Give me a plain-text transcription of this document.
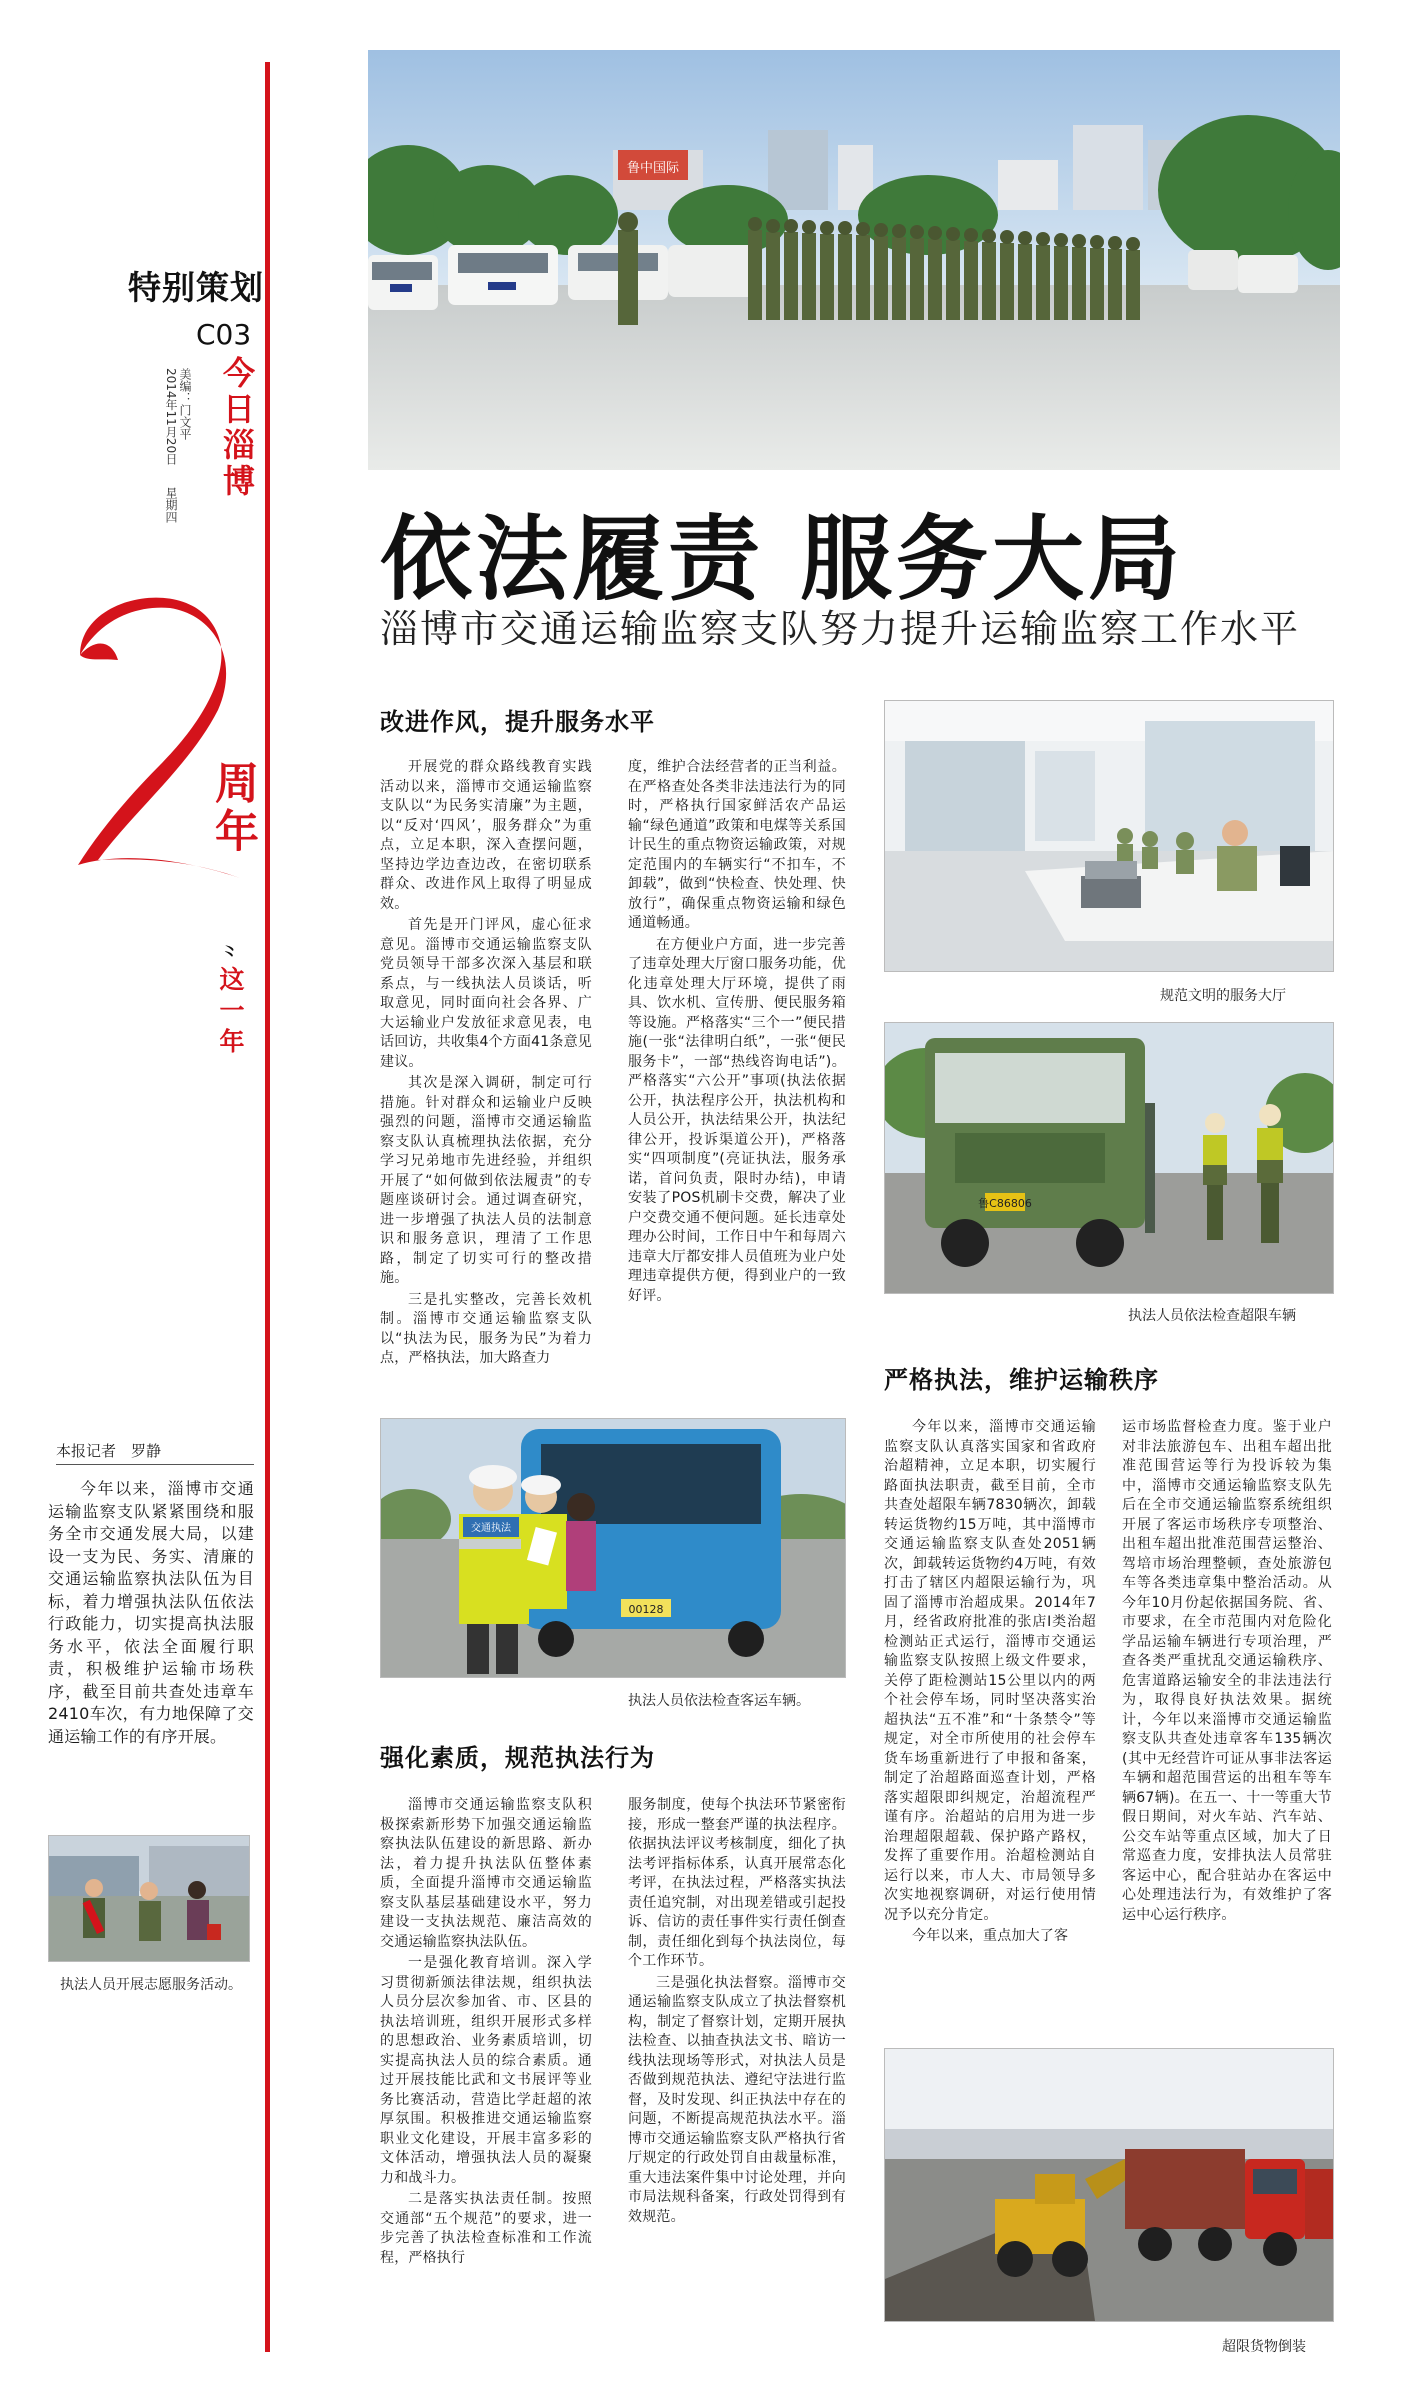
特别策划
C03
美编：门文平
2014年11月20日  星期四
今日淄博
周年
这一年
⺀
本报记者　罗静

今年以来，淄博市交通运输监察支队紧紧围绕和服务全市交通发展大局，以建设一支为民、务实、清廉的交通运输监察执法队伍为目标，着力增强执法队伍依法行政能力，切实提高执法服务水平，依法全面履行职责，积极维护运输市场秩序，截至目前共查处违章车2410车次，有力地保障了交通运输工作的有序开展。

执法人员开展志愿服务活动。
鲁中国际
依法履责 服务大局
淄博市交通运输监察支队努力提升运输监察工作水平
改进作风，提升服务水平

开展党的群众路线教育实践活动以来，淄博市交通运输监察支队以“为民务实清廉”为主题，以“反对‘四风’，服务群众”为重点，立足本职，深入查摆问题，坚持边学边查边改，在密切联系群众、改进作风上取得了明显成效。

首先是开门评风，虚心征求意见。淄博市交通运输监察支队党员领导干部多次深入基层和联系点，与一线执法人员谈话，听取意见，同时面向社会各界、广大运输业户发放征求意见表，电话回访，共收集4个方面41条意见建议。

其次是深入调研，制定可行措施。针对群众和运输业户反映强烈的问题，淄博市交通运输监察支队认真梳理执法依据，充分学习兄弟地市先进经验，并组织开展了“如何做到依法履责”的专题座谈研讨会。通过调查研究，进一步增强了执法人员的法制意识和服务意识，理清了工作思路，制定了切实可行的整改措施。

三是扎实整改，完善长效机制。淄博市交通运输监察支队以“执法为民，服务为民”为着力点，严格执法，加大路查力

度，维护合法经营者的正当利益。在严格查处各类非法违法行为的同时，严格执行国家鲜活农产品运输“绿色通道”政策和电煤等关系国计民生的重点物资运输政策，对规定范围内的车辆实行“不扣车，不卸载”，做到“快检查、快处理、快放行”，确保重点物资运输和绿色通道畅通。

在方便业户方面，进一步完善了违章处理大厅窗口服务功能，优化违章处理大厅环境，提供了雨具、饮水机、宣传册、便民服务箱等设施。严格落实“三个一”便民措施(一张“法律明白纸”，一张“便民服务卡”，一部“热线咨询电话”)。严格落实“六公开”事项(执法依据公开，执法程序公开，执法机构和人员公开，执法结果公开，执法纪律公开，投诉渠道公开)，严格落实“四项制度”(亮证执法，服务承诺，首问负责，限时办结)，申请安装了POS机刷卡交费，解决了业户交费交通不便问题。延长违章处理办公时间，工作日中午和每周六违章大厅都安排人员值班为业户处理违章提供方便，得到业户的一致好评。

规范文明的服务大厅
鲁C86806
执法人员依法检查超限车辆
严格执法，维护运输秩序

今年以来，淄博市交通运输监察支队认真落实国家和省政府治超精神，立足本职，切实履行路面执法职责，截至目前，全市共查处超限车辆7830辆次，卸载转运货物约15万吨，其中淄博市交通运输监察支队查处2051辆次，卸载转运货物约4万吨，有效打击了辖区内超限运输行为，巩固了淄博市治超成果。2014年7月，经省政府批准的张店I类治超检测站正式运行，淄博市交通运输监察支队按照上级文件要求，关停了距检测站15公里以内的两个社会停车场，同时坚决落实治超执法“五不准”和“十条禁令”等规定，对全市所使用的社会停车货车场重新进行了申报和备案，制定了治超路面巡查计划，严格落实超限即纠规定，治超流程严谨有序。治超站的启用为进一步治理超限超载、保护路产路权，发挥了重要作用。治超检测站自运行以来，市人大、市局领导多次实地视察调研，对运行使用情况予以充分肯定。

今年以来，重点加大了客

运市场监督检查力度。鉴于业户对非法旅游包车、出租车超出批准范围营运等行为投诉较为集中，淄博市交通运输监察支队先后在全市交通运输监察系统组织开展了客运市场秩序专项整治、出租车超出批准范围营运整治、驾培市场治理整顿，查处旅游包车等各类违章集中整治活动。从今年10月份起依据国务院、省、市要求，在全市范围内对危险化学品运输车辆进行专项治理，严查各类严重扰乱交通运输秩序、危害道路运输安全的非法违法行为，取得良好执法效果。据统计，今年以来淄博市交通运输监察支队共查处违章客车135辆次(其中无经营许可证从事非法客运车辆和超范围营运的出租车等车辆67辆)。在五一、十一等重大节假日期间，对火车站、汽车站、公交车站等重点区域，加大了日常巡查力度，安排执法人员常驻客运中心，配合驻站办在客运中心处理违法行为，有效维护了客运中心运行秩序。

超限货物倒装
00128
交通执法
执法人员依法检查客运车辆。
强化素质，规范执法行为

淄博市交通运输监察支队积极探索新形势下加强交通运输监察执法队伍建设的新思路、新办法，着力提升执法队伍整体素质，全面提升淄博市交通运输监察支队基层基础建设水平，努力建设一支执法规范、廉洁高效的交通运输监察执法队伍。

一是强化教育培训。深入学习贯彻新颁法律法规，组织执法人员分层次参加省、市、区县的执法培训班，组织开展形式多样的思想政治、业务素质培训，切实提高执法人员的综合素质。通过开展技能比武和文书展评等业务比赛活动，营造比学赶超的浓厚氛围。积极推进交通运输监察职业文化建设，开展丰富多彩的文体活动，增强执法人员的凝聚力和战斗力。

二是落实执法责任制。按照交通部“五个规范”的要求，进一步完善了执法检查标准和工作流程，严格执行

服务制度，使每个执法环节紧密衔接，形成一整套严谨的执法程序。依据执法评议考核制度，细化了执法考评指标体系，认真开展常态化考评，在执法过程，严格落实执法责任追究制，对出现差错或引起投诉、信访的责任事件实行责任倒查制，责任细化到每个执法岗位，每个工作环节。

三是强化执法督察。淄博市交通运输监察支队成立了执法督察机构，制定了督察计划，定期开展执法检查、以抽查执法文书、暗访一线执法现场等形式，对执法人员是否做到规范执法、遵纪守法进行监督，及时发现、纠正执法中存在的问题，不断提高规范执法水平。淄博市交通运输监察支队严格执行省厅规定的行政处罚自由裁量标准，重大违法案件集中讨论处理，并向市局法规科备案，行政处罚得到有效规范。
